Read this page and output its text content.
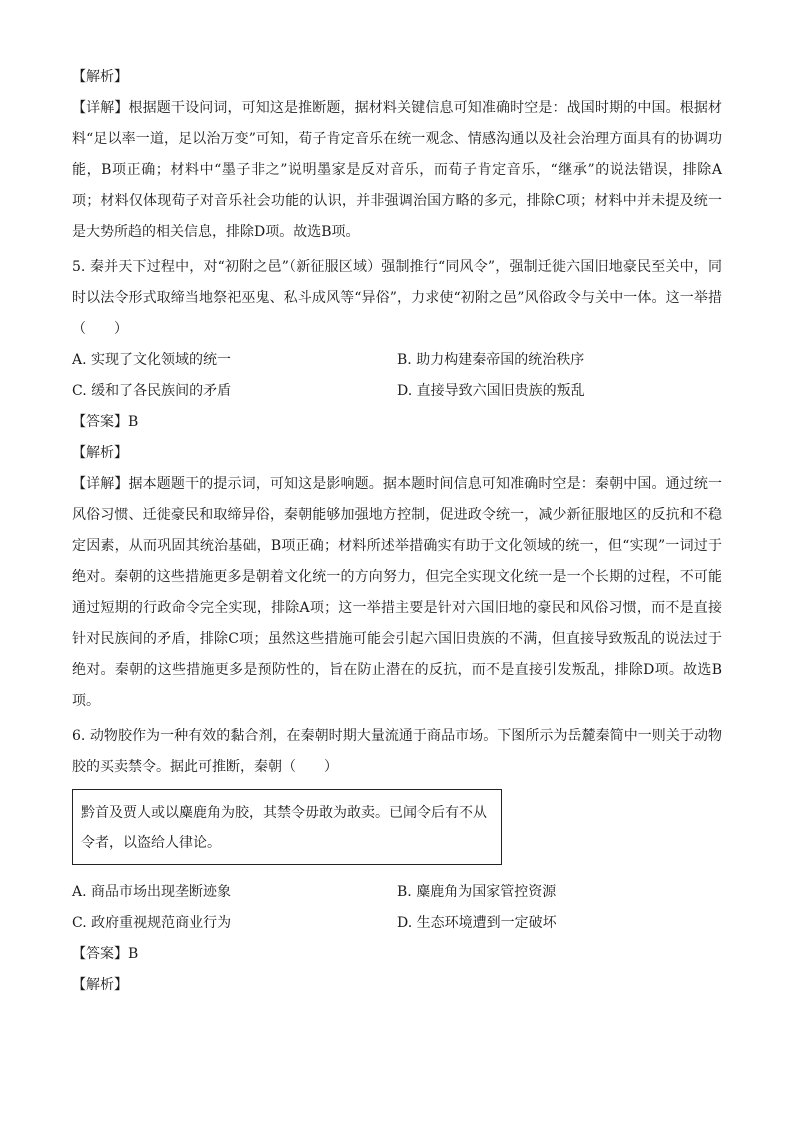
【解析】

【详解】根据题干设问词，可知这是推断题，据材料关键信息可知准确时空是：战国时期的中国。根据材料“足以率一道，足以治万变”可知，荀子肯定音乐在统一观念、情感沟通以及社会治理方面具有的协调功能，B项正确；材料中“墨子非之”说明墨家是反对音乐，而荀子肯定音乐，“继承”的说法错误，排除A项；材料仅体现荀子对音乐社会功能的认识，并非强调治国方略的多元，排除C项；材料中并未提及统一是大势所趋的相关信息，排除D项。故选B项。

5. 秦并天下过程中，对“初附之邑”（新征服区域）强制推行“同风令”，强制迁徙六国旧地豪民至关中，同时以法令形式取缔当地祭祀巫鬼、私斗成风等“异俗”，力求使“初附之邑”风俗政令与关中一体。这一举措（　　）

A. 实现了文化领域的统一	B. 助力构建秦帝国的统治秩序
C. 缓和了各民族间的矛盾	D. 直接导致六国旧贵族的叛乱

【答案】B

【解析】

【详解】据本题题干的提示词，可知这是影响题。据本题时间信息可知准确时空是：秦朝中国。通过统一风俗习惯、迁徙豪民和取缔异俗，秦朝能够加强地方控制，促进政令统一，减少新征服地区的反抗和不稳定因素，从而巩固其统治基础，B项正确；材料所述举措确实有助于文化领域的统一，但“实现”一词过于绝对。秦朝的这些措施更多是朝着文化统一的方向努力，但完全实现文化统一是一个长期的过程，不可能通过短期的行政命令完全实现，排除A项；这一举措主要是针对六国旧地的豪民和风俗习惯，而不是直接针对民族间的矛盾，排除C项；虽然这些措施可能会引起六国旧贵族的不满，但直接导致叛乱的说法过于绝对。秦朝的这些措施更多是预防性的，旨在防止潜在的反抗，而不是直接引发叛乱，排除D项。故选B项。

6. 动物胶作为一种有效的黏合剂，在秦朝时期大量流通于商品市场。下图所示为岳麓秦简中一则关于动物胶的买卖禁令。据此可推断，秦朝（　　）

黔首及贾人或以麋鹿角为胶，其禁令毋敢为敢卖。已闻令后有不从令者，以盗给人律论。
A. 商品市场出现垄断迹象	B. 麋鹿角为国家管控资源
C. 政府重视规范商业行为	D. 生态环境遭到一定破坏

【答案】B

【解析】
